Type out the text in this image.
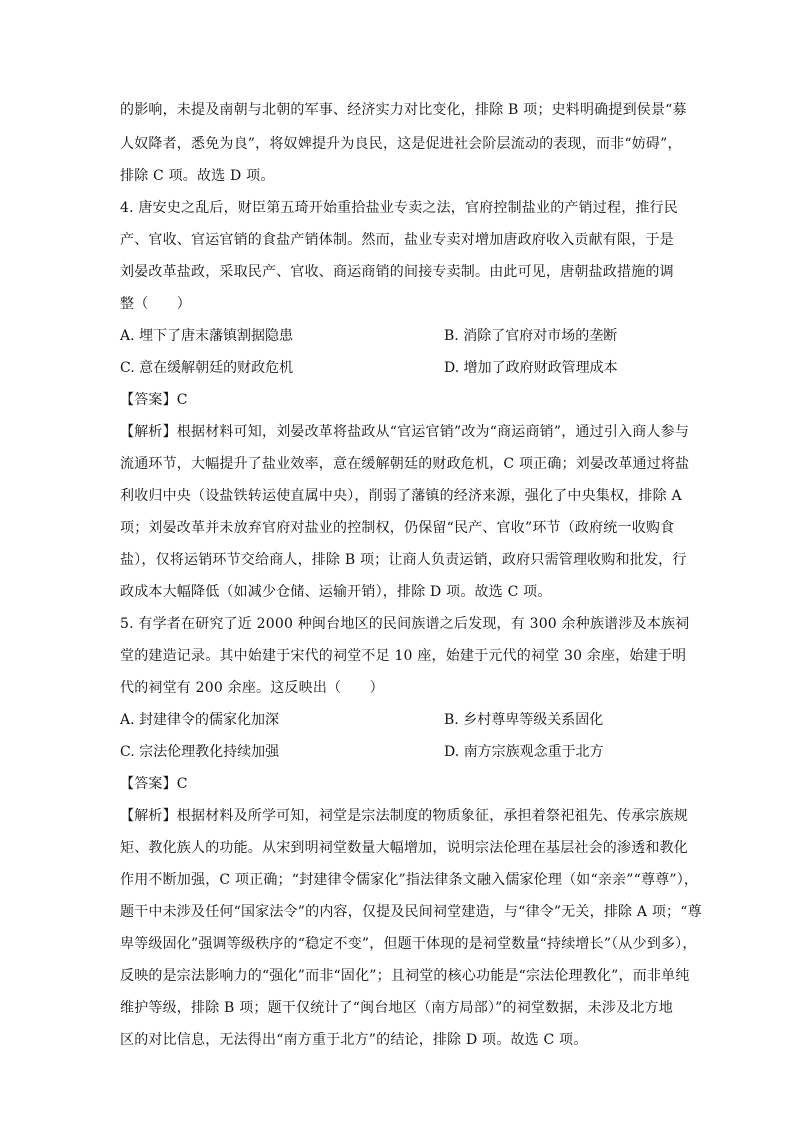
的影响，未提及南朝与北朝的军事、经济实力对比变化，排除 B 项；史料明确提到侯景“募
人奴降者，悉免为良”，将奴婢提升为良民，这是促进社会阶层流动的表现，而非“妨碍”，
排除 C 项。故选 D 项。
4. 唐安史之乱后，财臣第五琦开始重拾盐业专卖之法，官府控制盐业的产销过程，推行民
产、官收、官运官销的食盐产销体制。然而，盐业专卖对增加唐政府收入贡献有限，于是
刘晏改革盐政，采取民产、官收、商运商销的间接专卖制。由此可见，唐朝盐政措施的调
整（　　）
A. 埋下了唐末藩镇割据隐患	B. 消除了官府对市场的垄断
C. 意在缓解朝廷的财政危机	D. 增加了政府财政管理成本
【答案】C
【解析】根据材料可知，刘晏改革将盐政从“官运官销”改为“商运商销”，通过引入商人参与
流通环节，大幅提升了盐业效率，意在缓解朝廷的财政危机，C 项正确；刘晏改革通过将盐
利收归中央（设盐铁转运使直属中央），削弱了藩镇的经济来源，强化了中央集权，排除 A
项；刘晏改革并未放弃官府对盐业的控制权，仍保留“民产、官收”环节（政府统一收购食
盐），仅将运销环节交给商人，排除 B 项；让商人负责运销，政府只需管理收购和批发，行
政成本大幅降低（如减少仓储、运输开销），排除 D 项。故选 C 项。
5. 有学者在研究了近 2000 种闽台地区的民间族谱之后发现，有 300 余种族谱涉及本族祠
堂的建造记录。其中始建于宋代的祠堂不足 10 座，始建于元代的祠堂 30 余座，始建于明
代的祠堂有 200 余座。这反映出（　　）
A. 封建律令的儒家化加深	B. 乡村尊卑等级关系固化
C. 宗法伦理教化持续加强	D. 南方宗族观念重于北方
【答案】C
【解析】根据材料及所学可知，祠堂是宗法制度的物质象征，承担着祭祀祖先、传承宗族规
矩、教化族人的功能。从宋到明祠堂数量大幅增加，说明宗法伦理在基层社会的渗透和教化
作用不断加强，C 项正确；“封建律令儒家化”指法律条文融入儒家伦理（如“亲亲”“尊尊”），
题干中未涉及任何“国家法令”的内容，仅提及民间祠堂建造，与“律令”无关，排除 A 项；“尊
卑等级固化”强调等级秩序的“稳定不变”，但题干体现的是祠堂数量“持续增长”（从少到多），
反映的是宗法影响力的“强化”而非“固化”；且祠堂的核心功能是“宗法伦理教化”，而非单纯
维护等级，排除 B 项；题干仅统计了“闽台地区（南方局部）”的祠堂数据，未涉及北方地
区的对比信息，无法得出“南方重于北方”的结论，排除 D 项。故选 C 项。
